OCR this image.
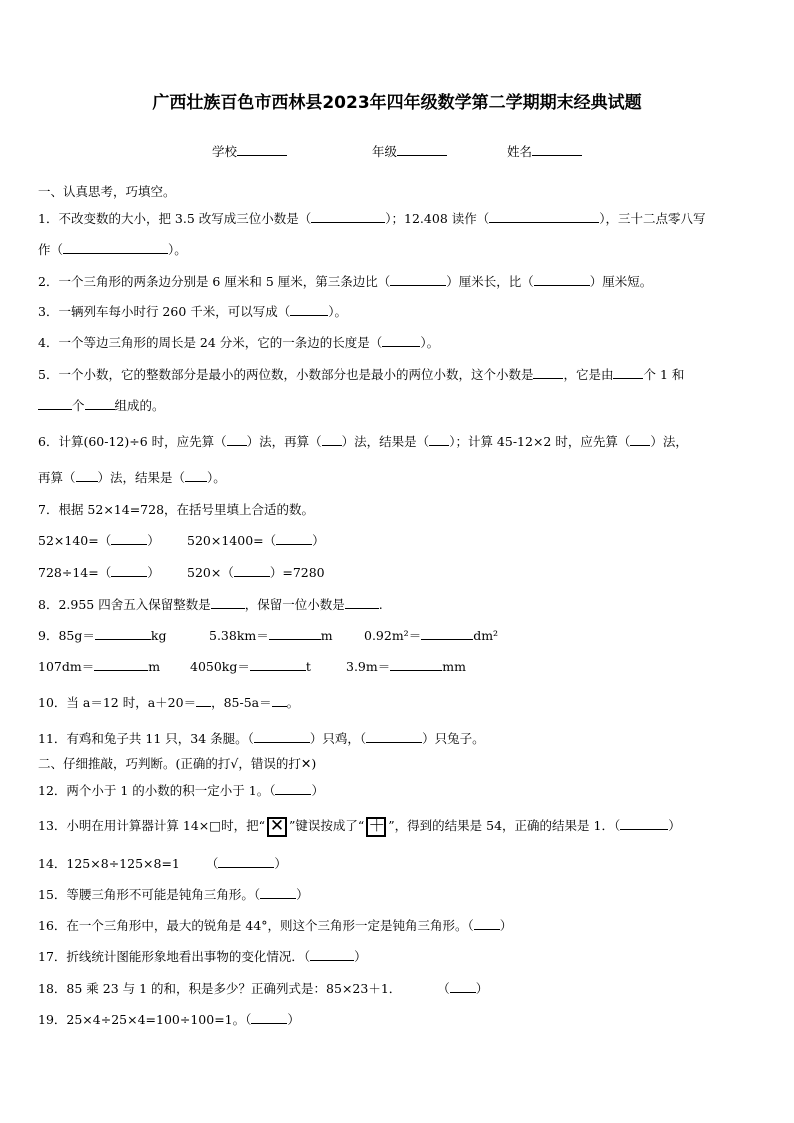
广西壮族百色市西林县2023年四年级数学第二学期期末经典试题
学校	年级	姓名
一、认真思考，巧填空。
1．不改变数的大小，把 3.5 改写成三位小数是（	）；12.408 读作（	），三十二点零八写
作（	）。
2．一个三角形的两条边分别是 6 厘米和 5 厘米，第三条边比（	）厘米长，比（	）厘米短。
3．一辆列车每小时行 260 千米，可以写成（	）。
4．一个等边三角形的周长是 24 分米，它的一条边的长度是（	）。
5．一个小数，它的整数部分是最小的两位数，小数部分也是最小的两位小数，这个小数是 ，它是由 个 1 和
个 组成的。
6．计算(60-12)÷6 时，应先算（ ）法，再算（ ）法，结果是（ ）；计算 45-12×2 时，应先算（ ）法，
再算（ ）法，结果是（ ）。
7．根据 52×14=728，在括号里填上合适的数。
52×140=（	） 520×1400=（	）
728÷14=（	） 520×（	）=7280
8．2.955 四舍五入保留整数是	，保留一位小数是	.
9．85g＝	kg	5.38km＝	m	0.92m²＝	dm²
107dm＝	m 4050kg＝	t	3.9m＝	mm
10．当 a＝12 时，a＋20＝ ，85-5a＝ 。
11．有鸡和兔子共 11 只，34 条腿。（	）只鸡，（	）只兔子。
二、仔细推敲，巧判断。(正确的打√，错误的打✕)
12．两个小于 1 的小数的积一定小于 1。（	）
13．小明在用计算器计算 14×□时，把“ ✕ ”键误按成了“ ＋ ”，得到的结果是 54，正确的结果是 1．（	）
14．125×8÷125×8=1 （	）
15．等腰三角形不可能是钝角三角形。（	）
16．在一个三角形中，最大的锐角是 44°，则这个三角形一定是钝角三角形。（ ）
17．折线统计图能形象地看出事物的变化情况．（	）
18．85 乘 23 与 1 的和，积是多少？正确列式是：85×23＋1．	（ ）
19．25×4÷25×4=100÷100=1。（	）
